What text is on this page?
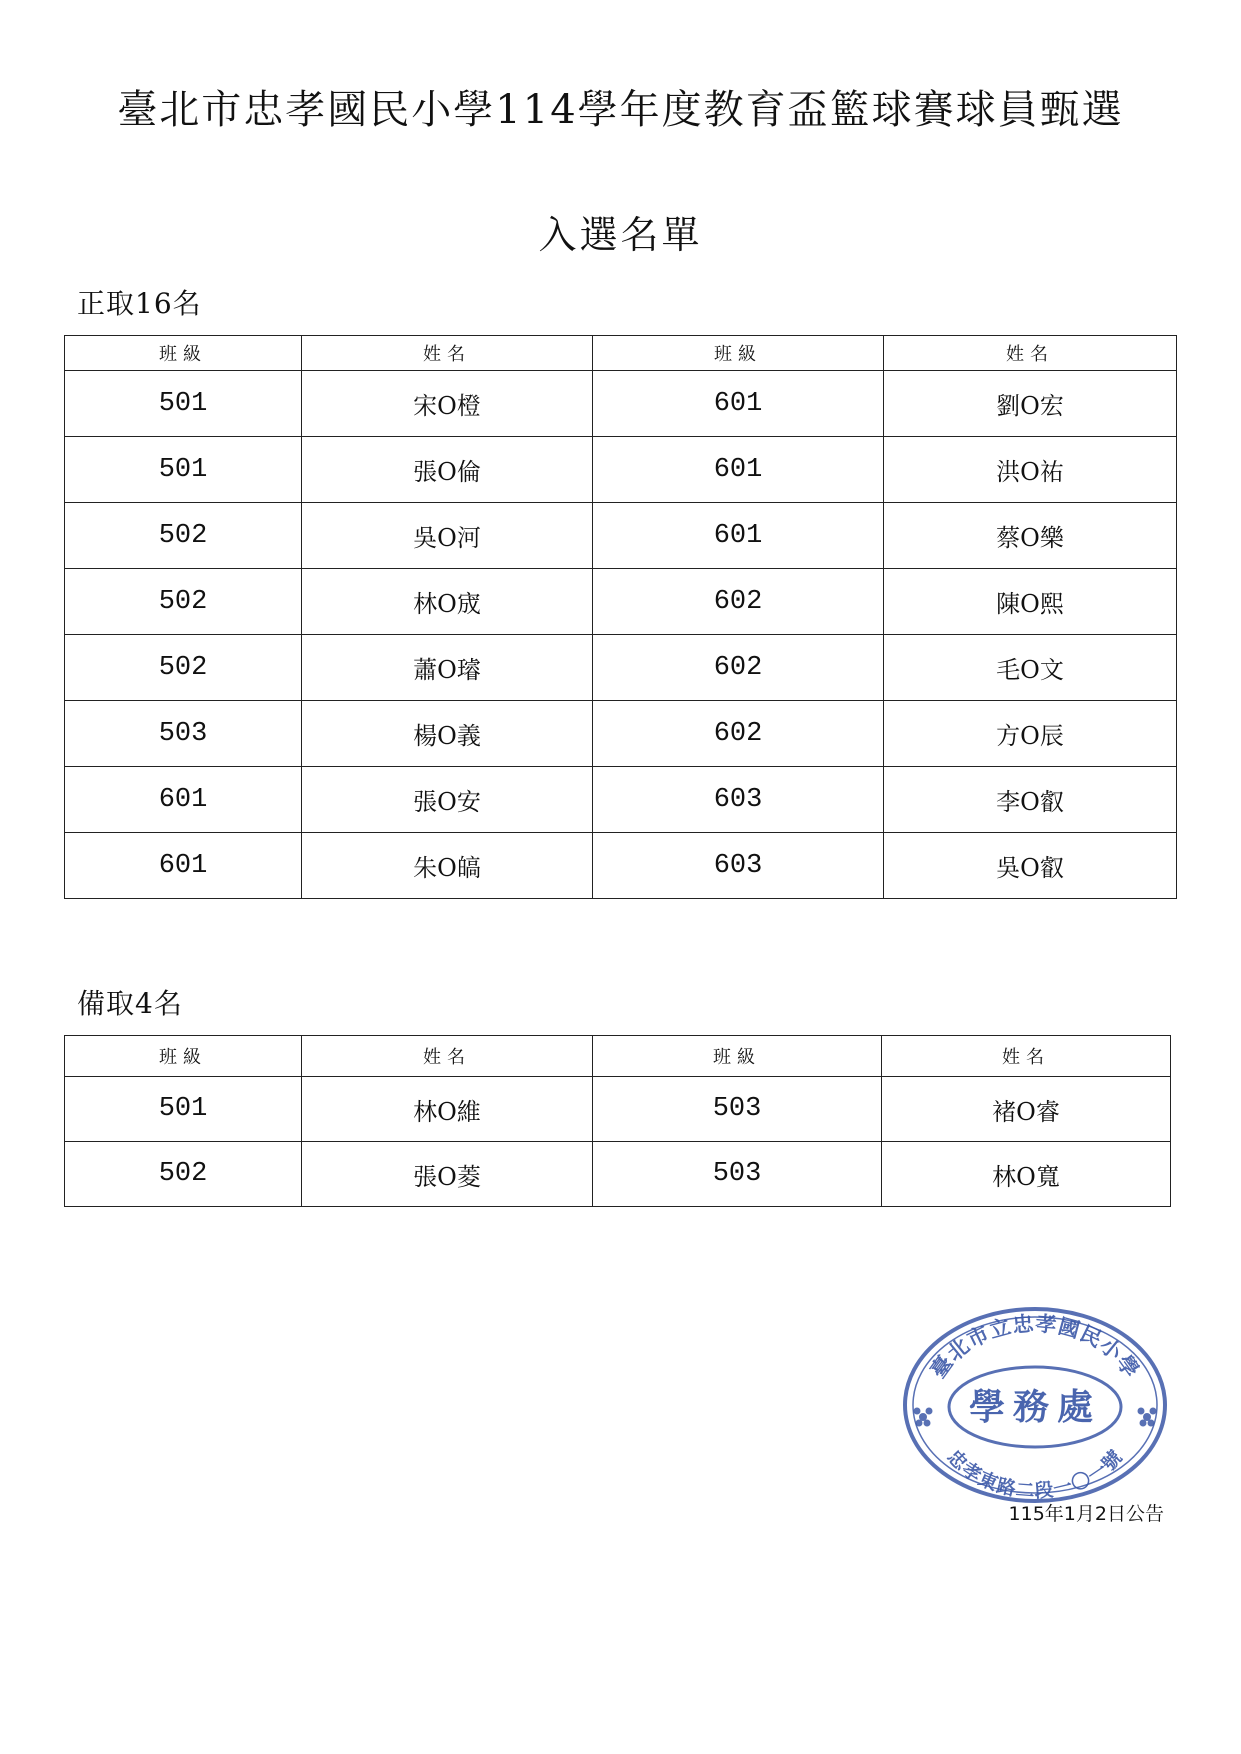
臺北市忠孝國民小學114學年度教育盃籃球賽球員甄選
入選名單
正取16名
班級	姓名	班級	姓名
501	宋O橙	601	劉O宏
501	張O倫	601	洪O祐
502	吳O河	601	蔡O樂
502	林O宬	602	陳O熙
502	蕭O璿	602	毛O文
503	楊O義	602	方O辰
601	張O安	603	李O叡
601	朱O皜	603	吳O叡
備取4名
班級	姓名	班級	姓名
501	林O維	503	褚O睿
502	張O菱	503	林O寬
臺北市立忠孝國民小學
忠孝東路二段一〇一號
學務處
115年1月2日公告
